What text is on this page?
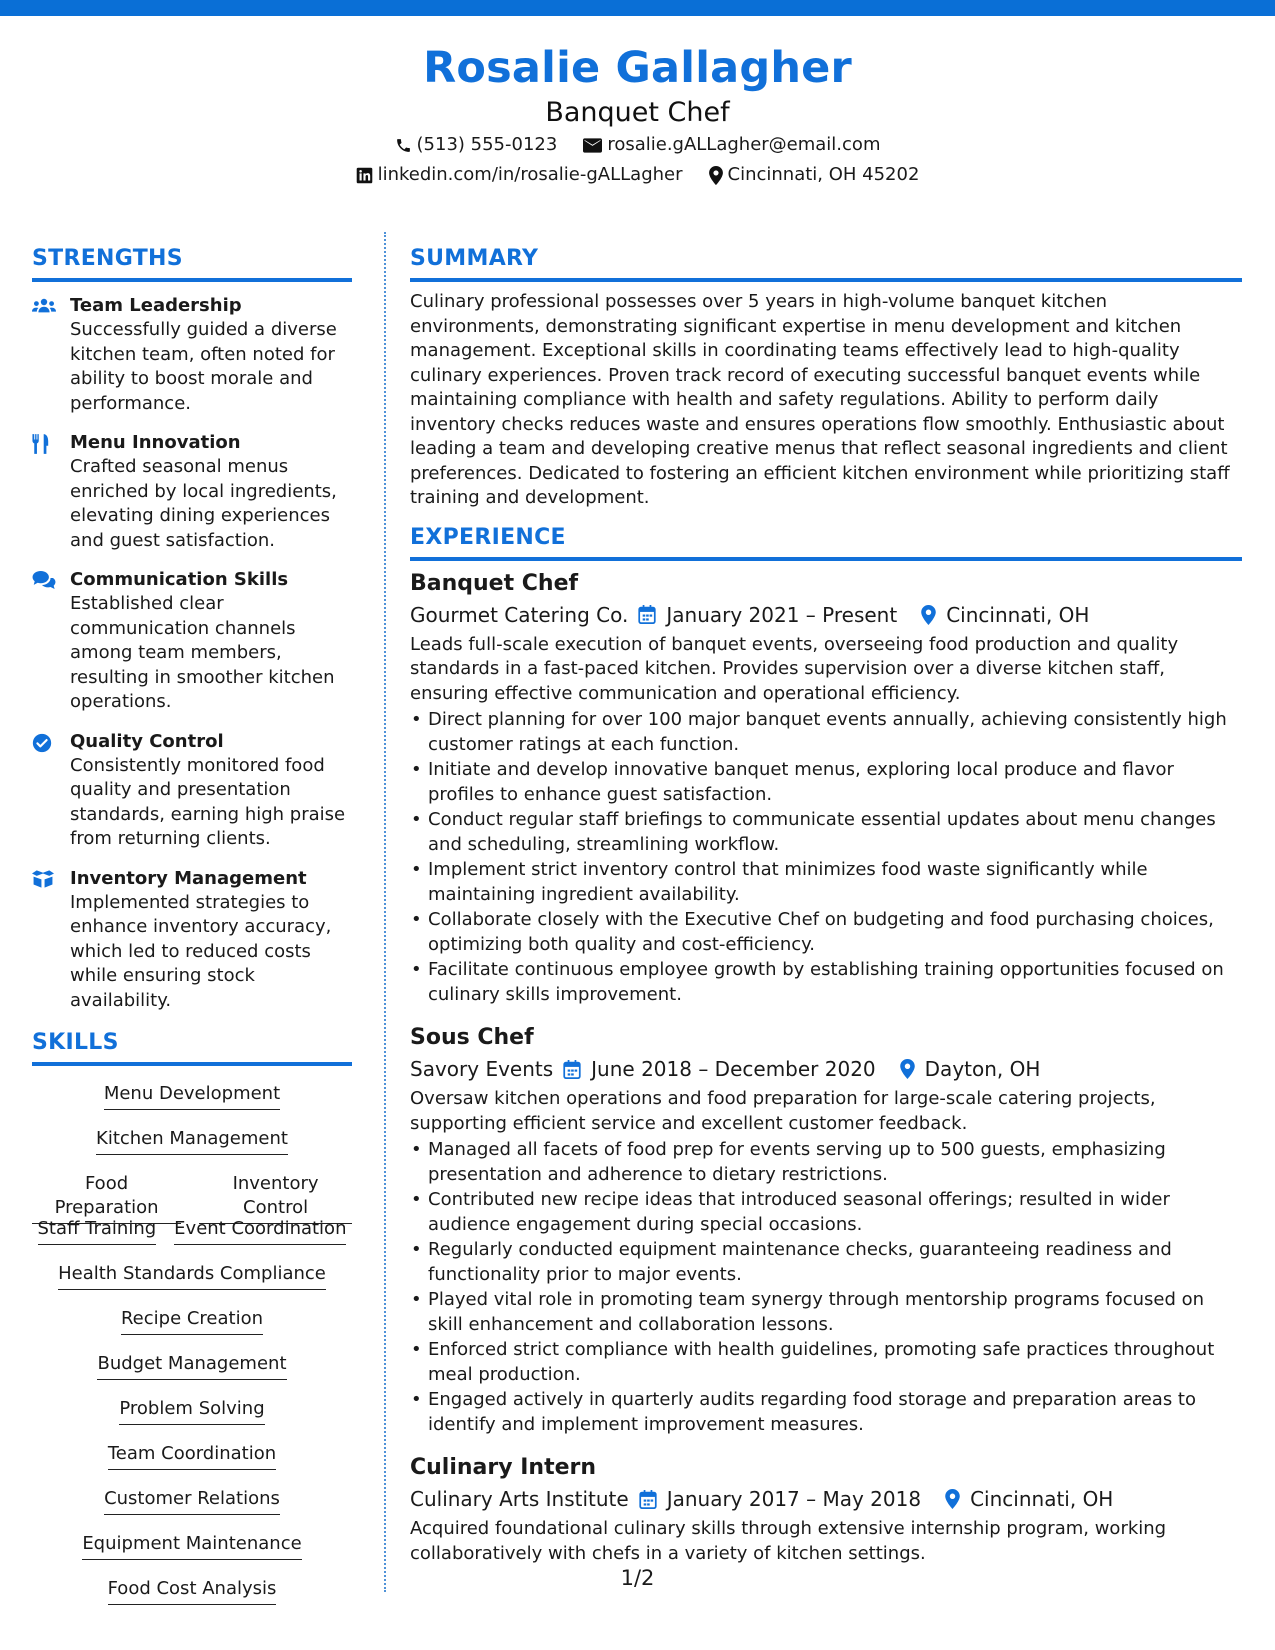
Rosalie Gallagher
Banquet Chef
(513) 555-0123	rosalie.gALLagher@email.com
linkedin.com/in/rosalie-gALLagher	Cincinnati, OH 45202
STRENGTHS
Team Leadership
Successfully guided a diverse kitchen team, often noted for ability to boost morale and performance.
Menu Innovation
Crafted seasonal menus enriched by local ingredients, elevating dining experiences and guest satisfaction.
Communication Skills
Established clear communication channels among team members, resulting in smoother kitchen operations.
Quality Control
Consistently monitored food quality and presentation standards, earning high praise from returning clients.
Inventory Management
Implemented strategies to enhance inventory accuracy, which led to reduced costs while ensuring stock availability.
SKILLS
Menu Development
Kitchen Management
Food Preparation
Inventory Control
Staff Training Event Coordination
Health Standards Compliance
Recipe Creation
Budget Management
Problem Solving
Team Coordination
Customer Relations
Equipment Maintenance
Food Cost Analysis
SUMMARY
Culinary professional possesses over 5 years in high-volume banquet kitchen environments, demonstrating significant expertise in menu development and kitchen management. Exceptional skills in coordinating teams effectively lead to high-quality culinary experiences. Proven track record of executing successful banquet events while maintaining compliance with health and safety regulations. Ability to perform daily inventory checks reduces waste and ensures operations flow smoothly. Enthusiastic about leading a team and developing creative menus that reflect seasonal ingredients and client preferences. Dedicated to fostering an efficient kitchen environment while prioritizing staff training and development.
EXPERIENCE
Banquet Chef
Gourmet Catering Co. January 2021 – Present Cincinnati, OH
Leads full-scale execution of banquet events, overseeing food production and quality standards in a fast-paced kitchen. Provides supervision over a diverse kitchen staff, ensuring effective communication and operational efficiency.
• Direct planning for over 100 major banquet events annually, achieving consistently high customer ratings at each function.
• Initiate and develop innovative banquet menus, exploring local produce and flavor profiles to enhance guest satisfaction.
• Conduct regular staff briefings to communicate essential updates about menu changes and scheduling, streamlining workflow.
• Implement strict inventory control that minimizes food waste significantly while maintaining ingredient availability.
• Collaborate closely with the Executive Chef on budgeting and food purchasing choices, optimizing both quality and cost-efficiency.
• Facilitate continuous employee growth by establishing training opportunities focused on culinary skills improvement.
Sous Chef
Savory Events June 2018 – December 2020 Dayton, OH
Oversaw kitchen operations and food preparation for large-scale catering projects, supporting efficient service and excellent customer feedback.
• Managed all facets of food prep for events serving up to 500 guests, emphasizing presentation and adherence to dietary restrictions.
• Contributed new recipe ideas that introduced seasonal offerings; resulted in wider audience engagement during special occasions.
• Regularly conducted equipment maintenance checks, guaranteeing readiness and functionality prior to major events.
• Played vital role in promoting team synergy through mentorship programs focused on skill enhancement and collaboration lessons.
• Enforced strict compliance with health guidelines, promoting safe practices throughout meal production.
• Engaged actively in quarterly audits regarding food storage and preparation areas to identify and implement improvement measures.
Culinary Intern
Culinary Arts Institute January 2017 – May 2018 Cincinnati, OH
Acquired foundational culinary skills through extensive internship program, working collaboratively with chefs in a variety of kitchen settings.
1/2
